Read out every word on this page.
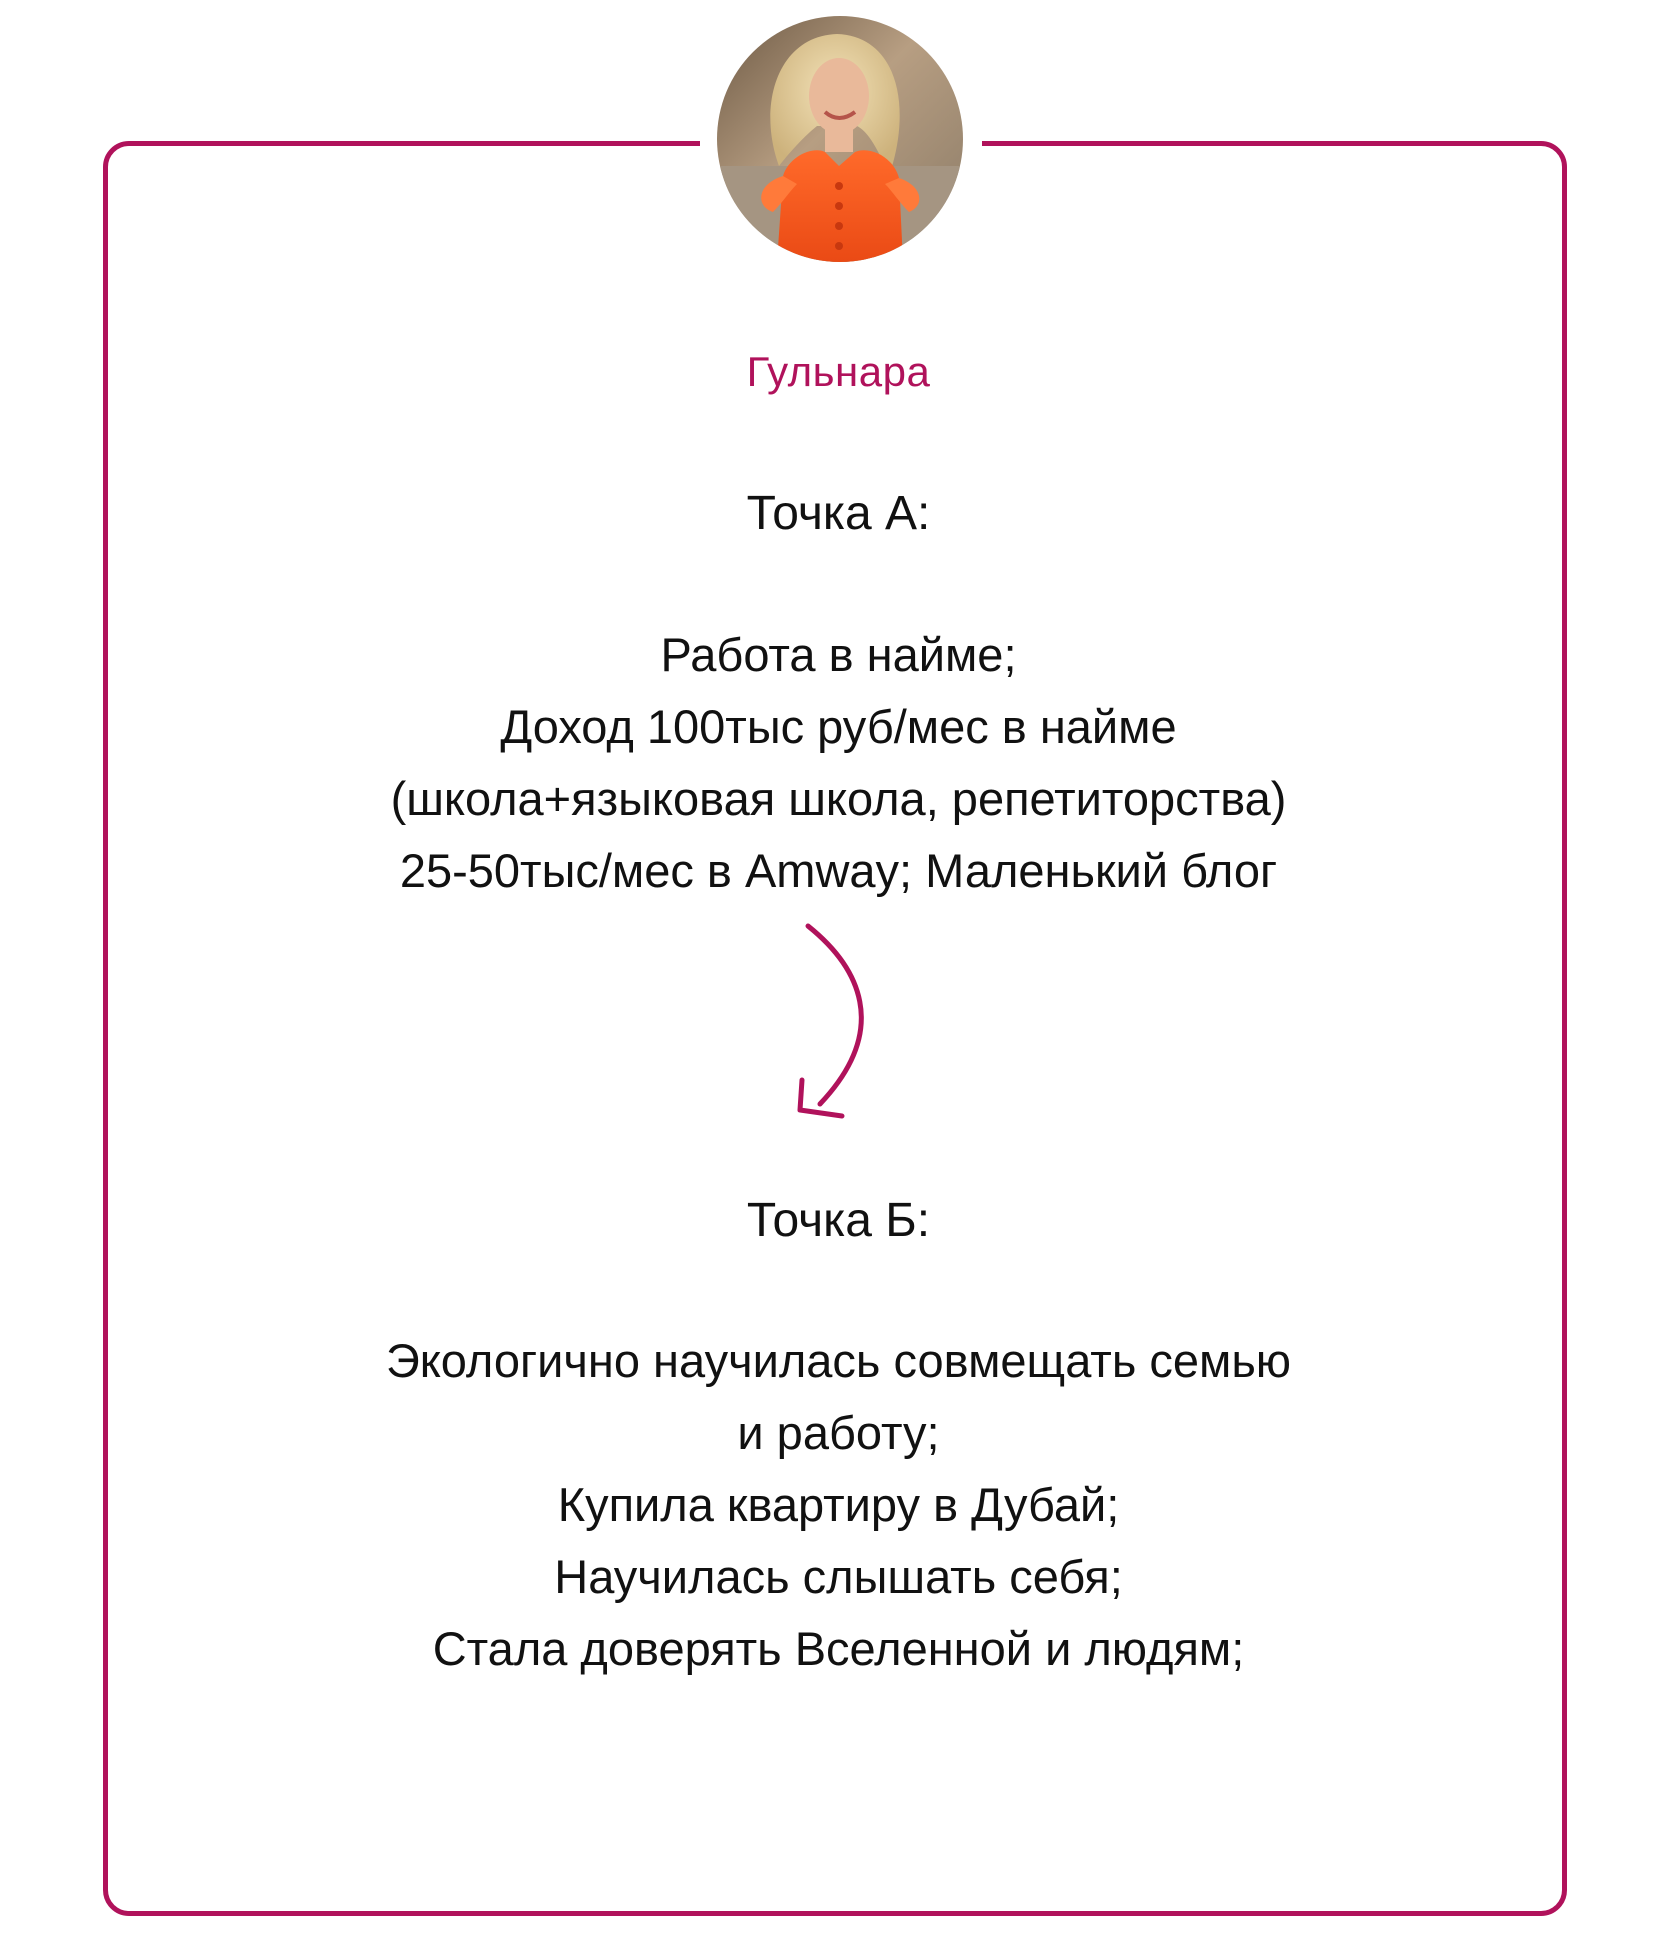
Гульнара
Точка А:
Работа в найме;
Доход 100тыс руб/мес в найме
(школа+языковая школа, репетиторства)
25-50тыс/мес в Amway; Маленький блог
Точка Б:
Экологично научилась совмещать семью
и работу;
Купила квартиру в Дубай;
Научилась слышать себя;
Стала доверять Вселенной и людям;
